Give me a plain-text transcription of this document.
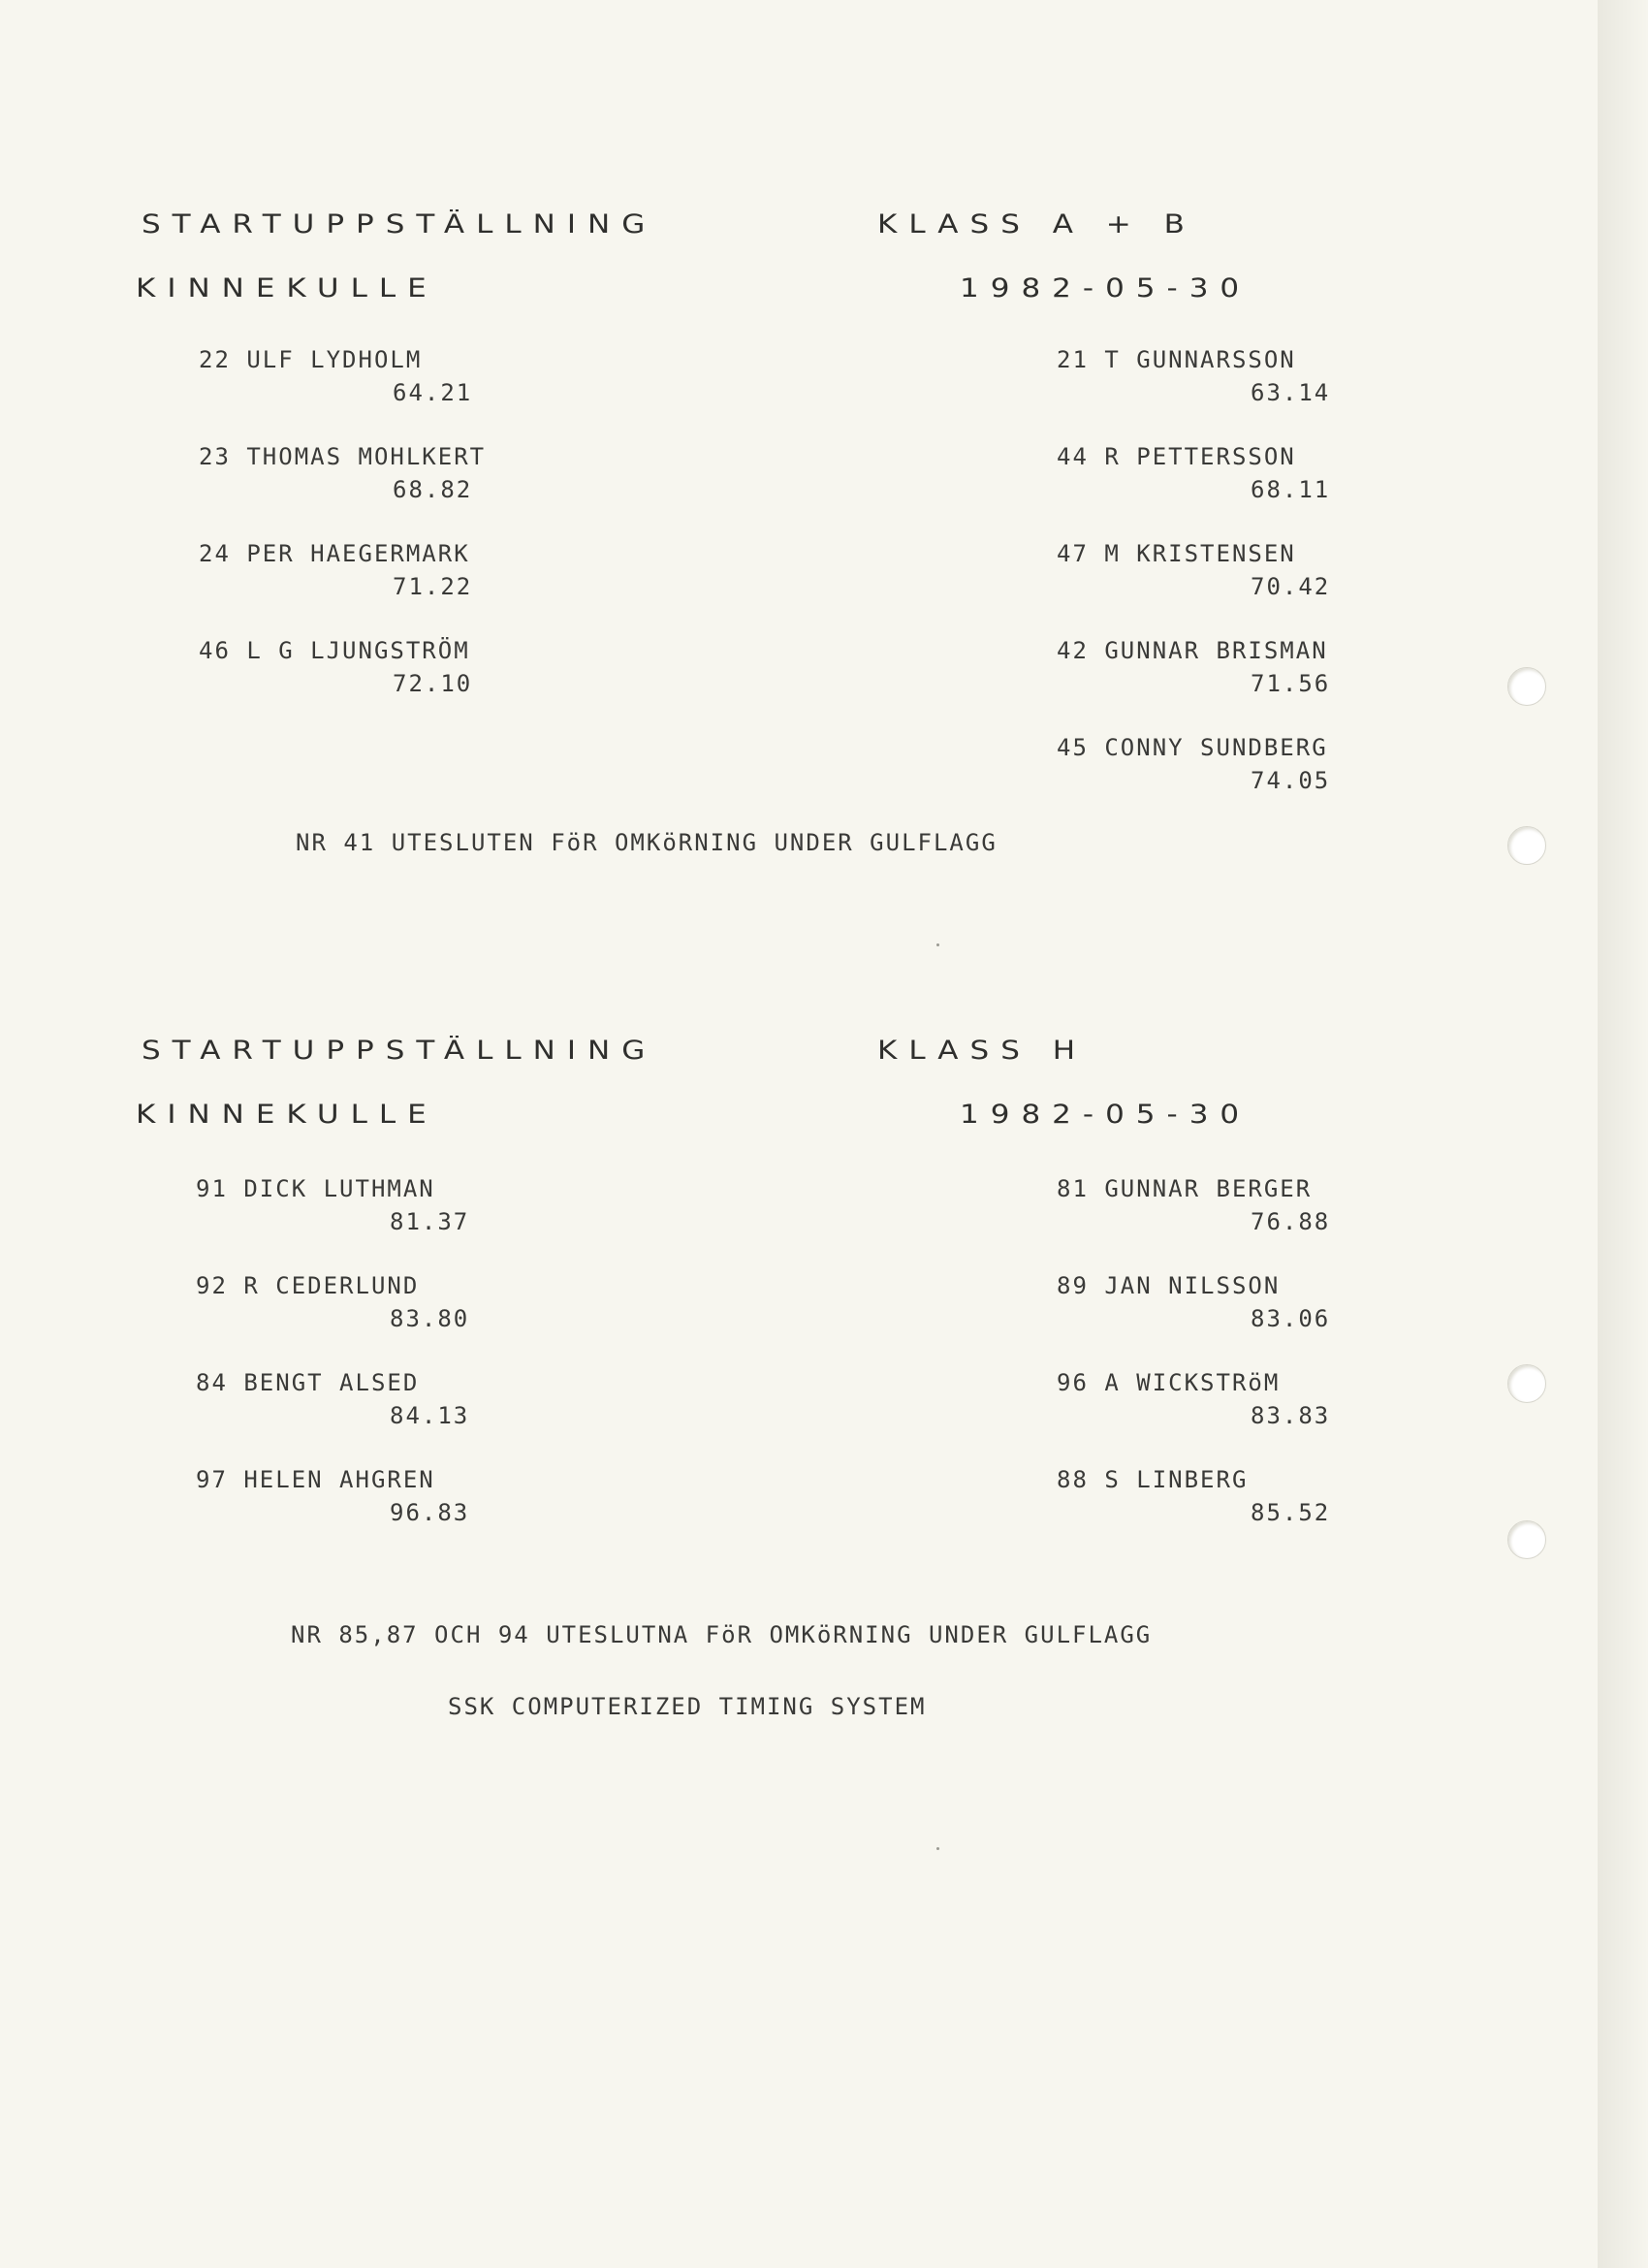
STARTUPPSTÄLLNING	KLASS A + B
KINNEKULLE	1982-05-30
22 ULF LYDHOLM
64.21
23 THOMAS MOHLKERT
68.82
24 PER HAEGERMARK
71.22
46 L G LJUNGSTRÖM
72.10
21 T GUNNARSSON
63.14
44 R PETTERSSON
68.11
47 M KRISTENSEN
70.42
42 GUNNAR BRISMAN
71.56
45 CONNY SUNDBERG
74.05
NR 41 UTESLUTEN FöR OMKöRNING UNDER GULFLAGG
STARTUPPSTÄLLNING	KLASS H
KINNEKULLE	1982-05-30
91 DICK LUTHMAN
81.37
92 R CEDERLUND
83.80
84 BENGT ALSED
84.13
97 HELEN AHGREN
96.83
81 GUNNAR BERGER
76.88
89 JAN NILSSON
83.06
96 A WICKSTRöM
83.83
88 S LINBERG
85.52
NR 85,87 OCH 94 UTESLUTNA FöR OMKöRNING UNDER GULFLAGG
SSK COMPUTERIZED TIMING SYSTEM
